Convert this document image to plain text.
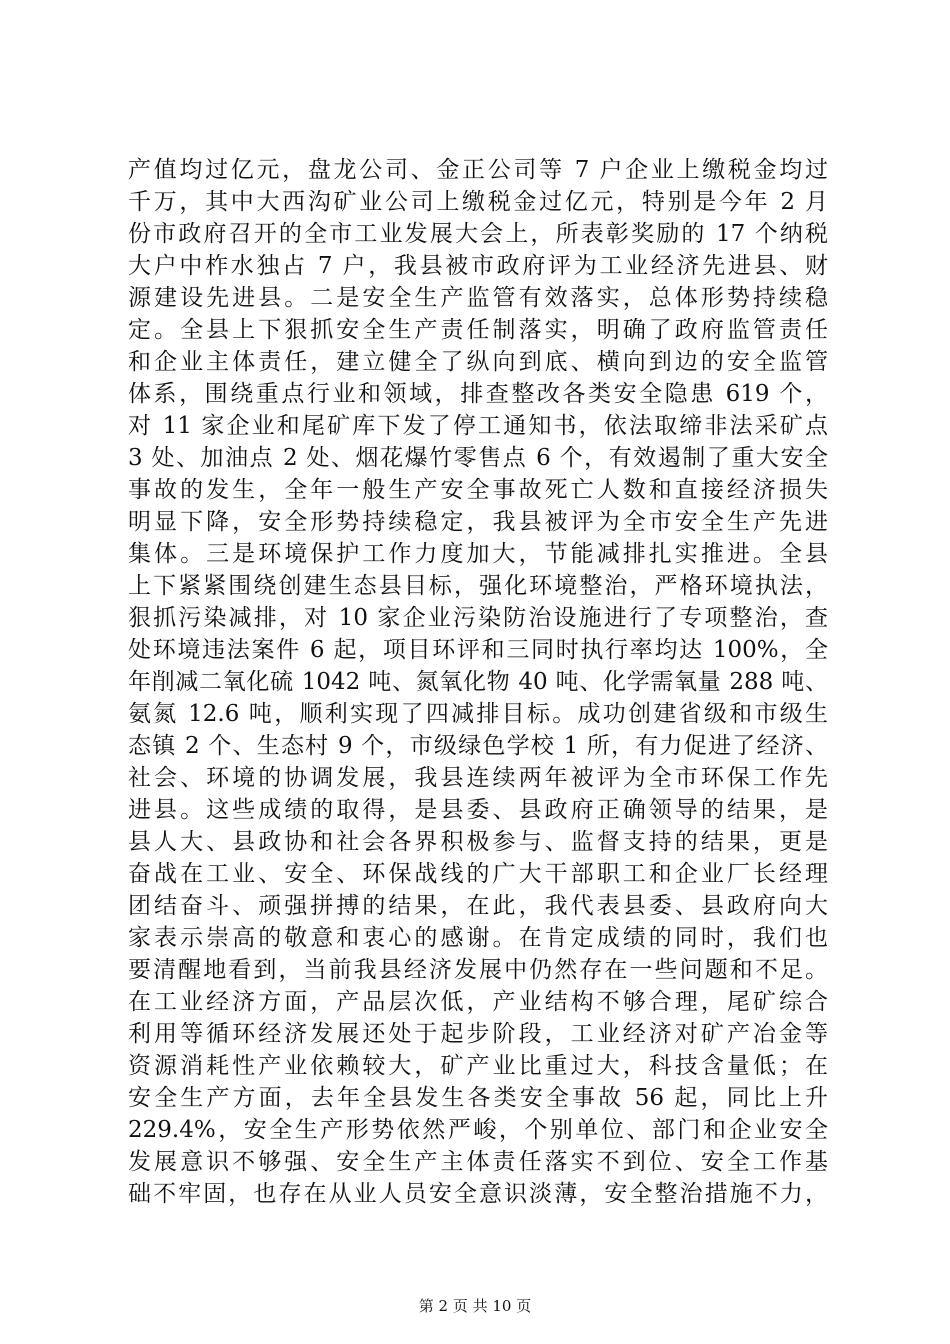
产值均过亿元，盘龙公司、金正公司等 7 户企业上缴税金均过
千万，其中大西沟矿业公司上缴税金过亿元，特别是今年 2 月
份市政府召开的全市工业发展大会上，所表彰奖励的 17 个纳税
大户中柞水独占 7 户，我县被市政府评为工业经济先进县、财
源建设先进县。二是安全生产监管有效落实，总体形势持续稳
定。全县上下狠抓安全生产责任制落实，明确了政府监管责任
和企业主体责任，建立健全了纵向到底、横向到边的安全监管
体系，围绕重点行业和领域，排查整改各类安全隐患 619 个，
对 11 家企业和尾矿库下发了停工通知书，依法取缔非法采矿点
3 处、加油点 2 处、烟花爆竹零售点 6 个，有效遏制了重大安全
事故的发生，全年一般生产安全事故死亡人数和直接经济损失
明显下降，安全形势持续稳定，我县被评为全市安全生产先进
集体。三是环境保护工作力度加大，节能减排扎实推进。全县
上下紧紧围绕创建生态县目标，强化环境整治，严格环境执法，
狠抓污染减排，对 10 家企业污染防治设施进行了专项整治，查
处环境违法案件 6 起，项目环评和三同时执行率均达 100%，全
年削减二氧化硫 1042 吨、氮氧化物 40 吨、化学需氧量 288 吨、
氨氮 12.6 吨，顺利实现了四减排目标。成功创建省级和市级生
态镇 2 个、生态村 9 个，市级绿色学校 1 所，有力促进了经济、
社会、环境的协调发展，我县连续两年被评为全市环保工作先
进县。这些成绩的取得，是县委、县政府正确领导的结果，是
县人大、县政协和社会各界积极参与、监督支持的结果，更是
奋战在工业、安全、环保战线的广大干部职工和企业厂长经理
团结奋斗、顽强拼搏的结果，在此，我代表县委、县政府向大
家表示崇高的敬意和衷心的感谢。在肯定成绩的同时，我们也
要清醒地看到，当前我县经济发展中仍然存在一些问题和不足。
在工业经济方面，产品层次低，产业结构不够合理，尾矿综合
利用等循环经济发展还处于起步阶段，工业经济对矿产冶金等
资源消耗性产业依赖较大，矿产业比重过大，科技含量低；在
安全生产方面，去年全县发生各类安全事故 56 起，同比上升
229.4%，安全生产形势依然严峻，个别单位、部门和企业安全
发展意识不够强、安全生产主体责任落实不到位、安全工作基
础不牢固，也存在从业人员安全意识淡薄，安全整治措施不力，
第 2 页 共 10 页
